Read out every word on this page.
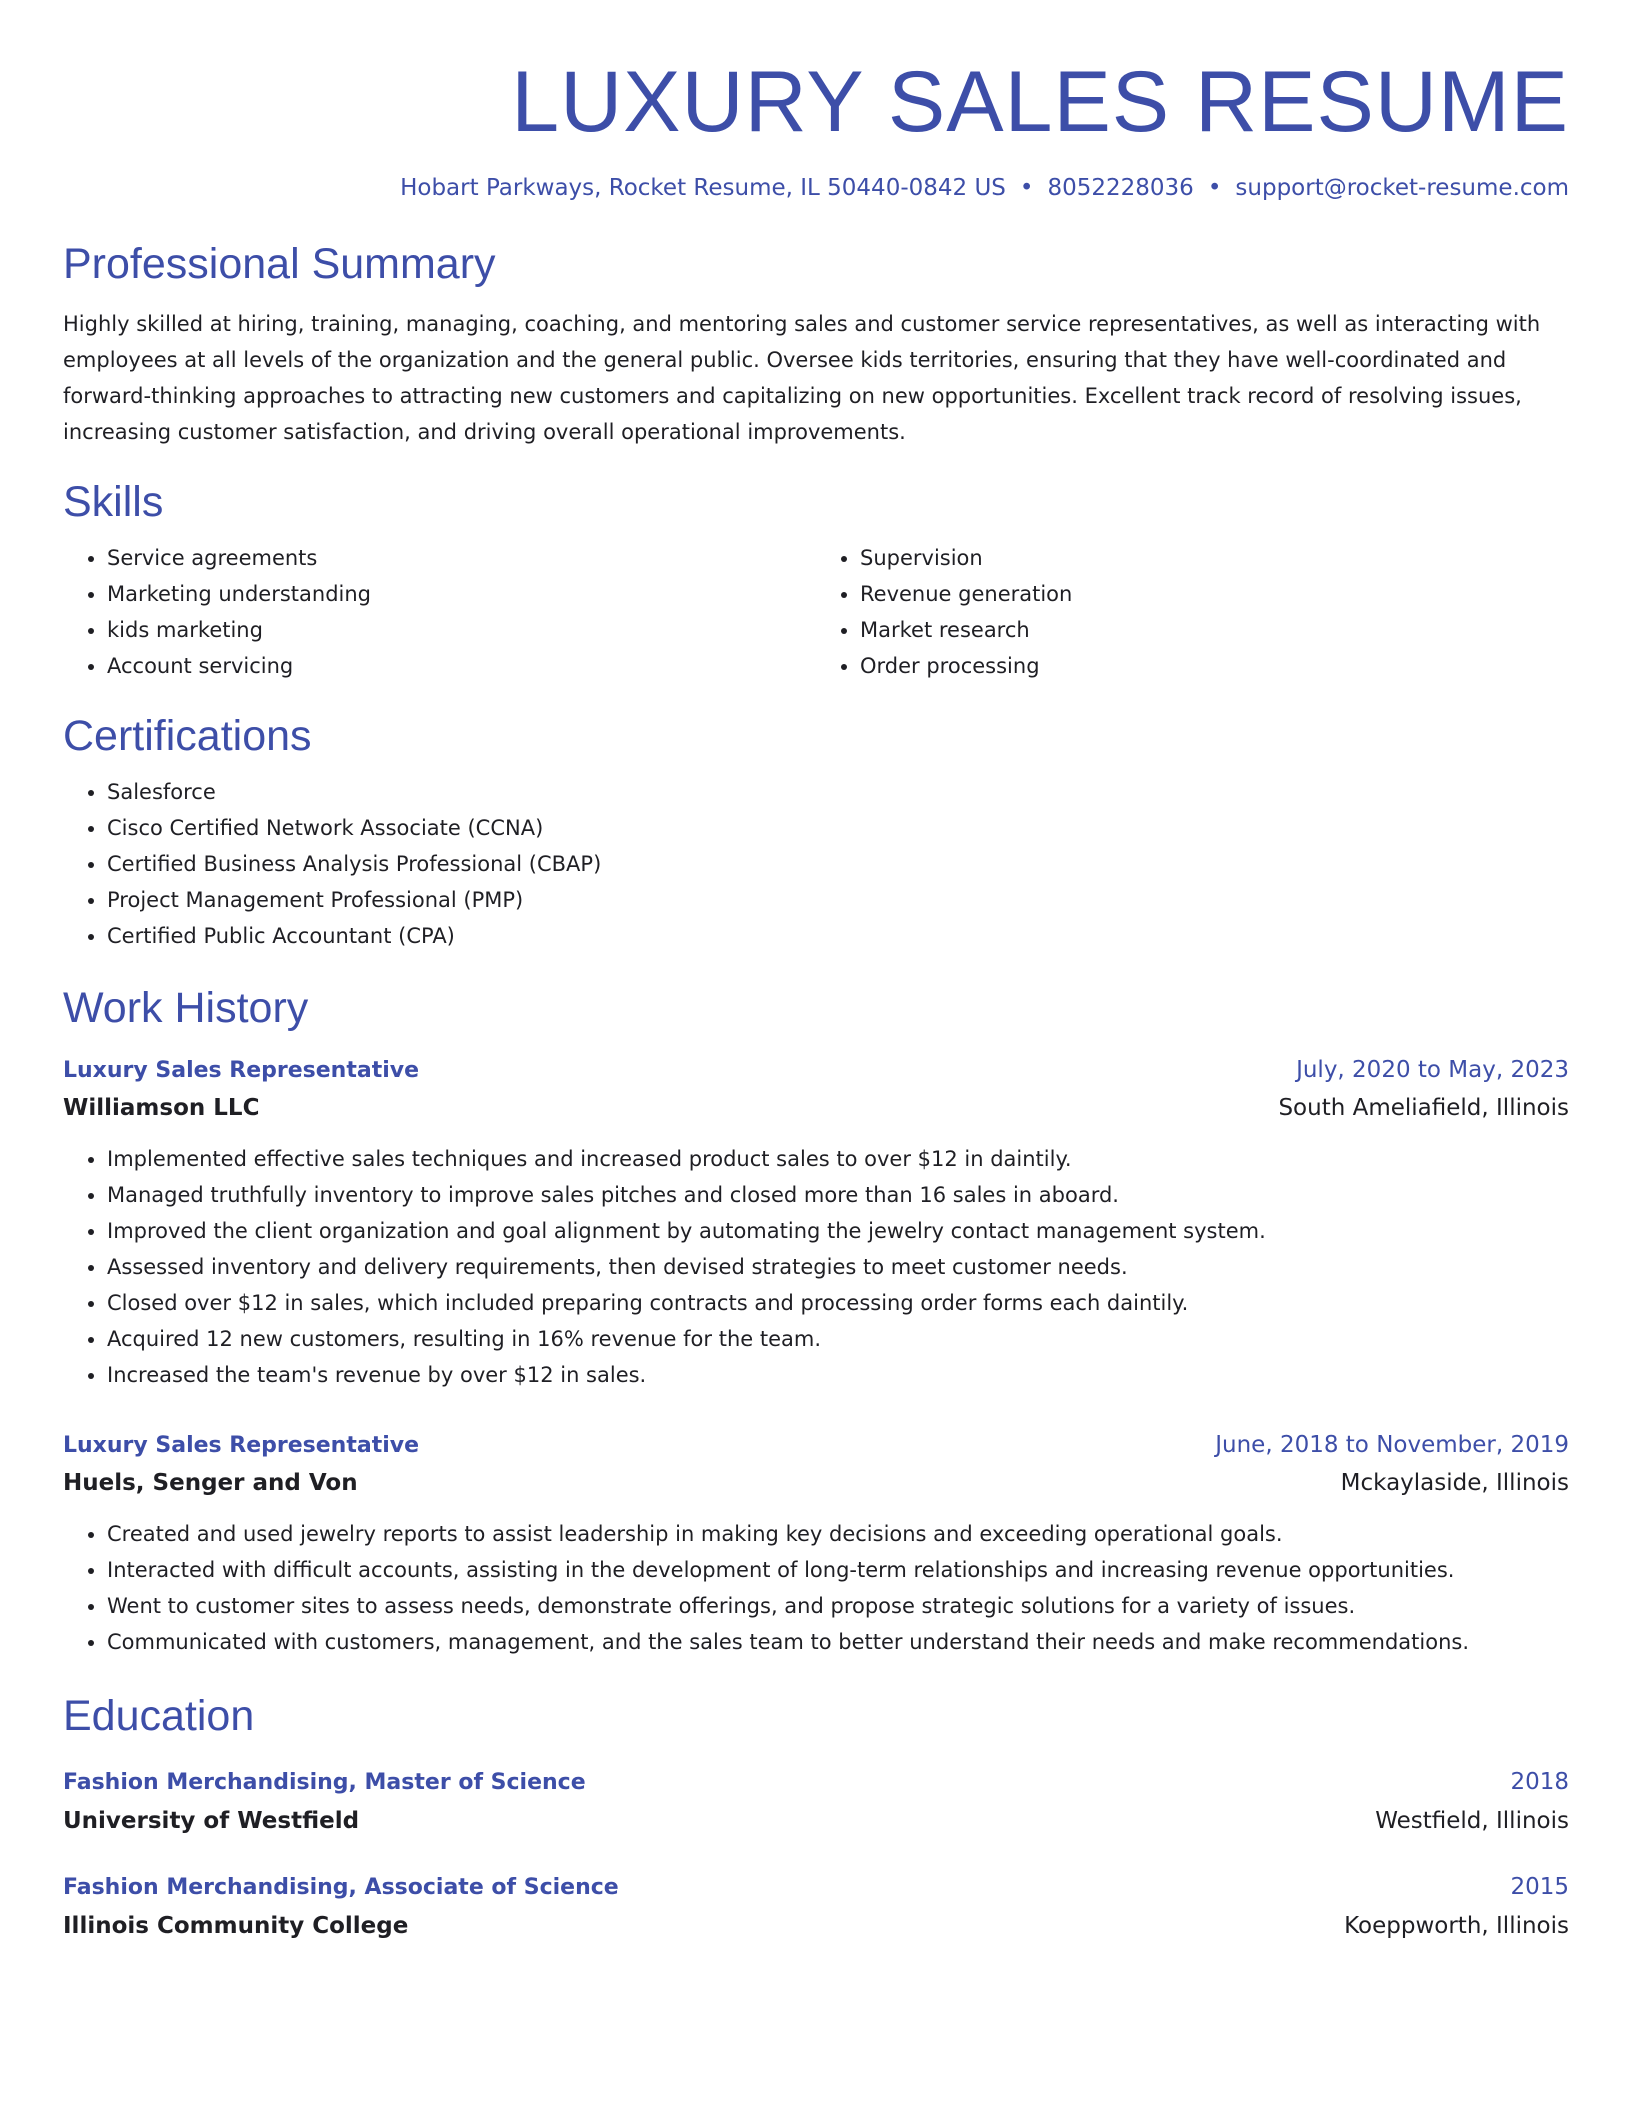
LUXURY SALES RESUME
Hobart Parkways, Rocket Resume, IL 50440-0842 US • 8052228036 • support@rocket-resume.com
Professional Summary

Highly skilled at hiring, training, managing, coaching, and mentoring sales and customer service representatives, as well as interacting with employees at all levels of the organization and the general public. Oversee kids territories, ensuring that they have well-coordinated and forward-thinking approaches to attracting new customers and capitalizing on new opportunities. Excellent track record of resolving issues, increasing customer satisfaction, and driving overall operational improvements.

Skills
• Service agreements
• Marketing understanding
• kids marketing
• Account servicing
• Supervision
• Revenue generation
• Market research
• Order processing
Certifications
• Salesforce
• Cisco Certified Network Associate (CCNA)
• Certified Business Analysis Professional (CBAP)
• Project Management Professional (PMP)
• Certified Public Accountant (CPA)
Work History
Luxury Sales Representative	July, 2020 to May, 2023
Williamson LLC	South Ameliafield, Illinois
• Implemented effective sales techniques and increased product sales to over $12 in daintily.
• Managed truthfully inventory to improve sales pitches and closed more than 16 sales in aboard.
• Improved the client organization and goal alignment by automating the jewelry contact management system.
• Assessed inventory and delivery requirements, then devised strategies to meet customer needs.
• Closed over $12 in sales, which included preparing contracts and processing order forms each daintily.
• Acquired 12 new customers, resulting in 16% revenue for the team.
• Increased the team's revenue by over $12 in sales.
Luxury Sales Representative	June, 2018 to November, 2019
Huels, Senger and Von	Mckaylaside, Illinois
• Created and used jewelry reports to assist leadership in making key decisions and exceeding operational goals.
• Interacted with difficult accounts, assisting in the development of long-term relationships and increasing revenue opportunities.
• Went to customer sites to assess needs, demonstrate offerings, and propose strategic solutions for a variety of issues.
• Communicated with customers, management, and the sales team to better understand their needs and make recommendations.
Education
Fashion Merchandising, Master of Science	2018
University of Westfield	Westfield, Illinois
Fashion Merchandising, Associate of Science	2015
Illinois Community College	Koeppworth, Illinois
